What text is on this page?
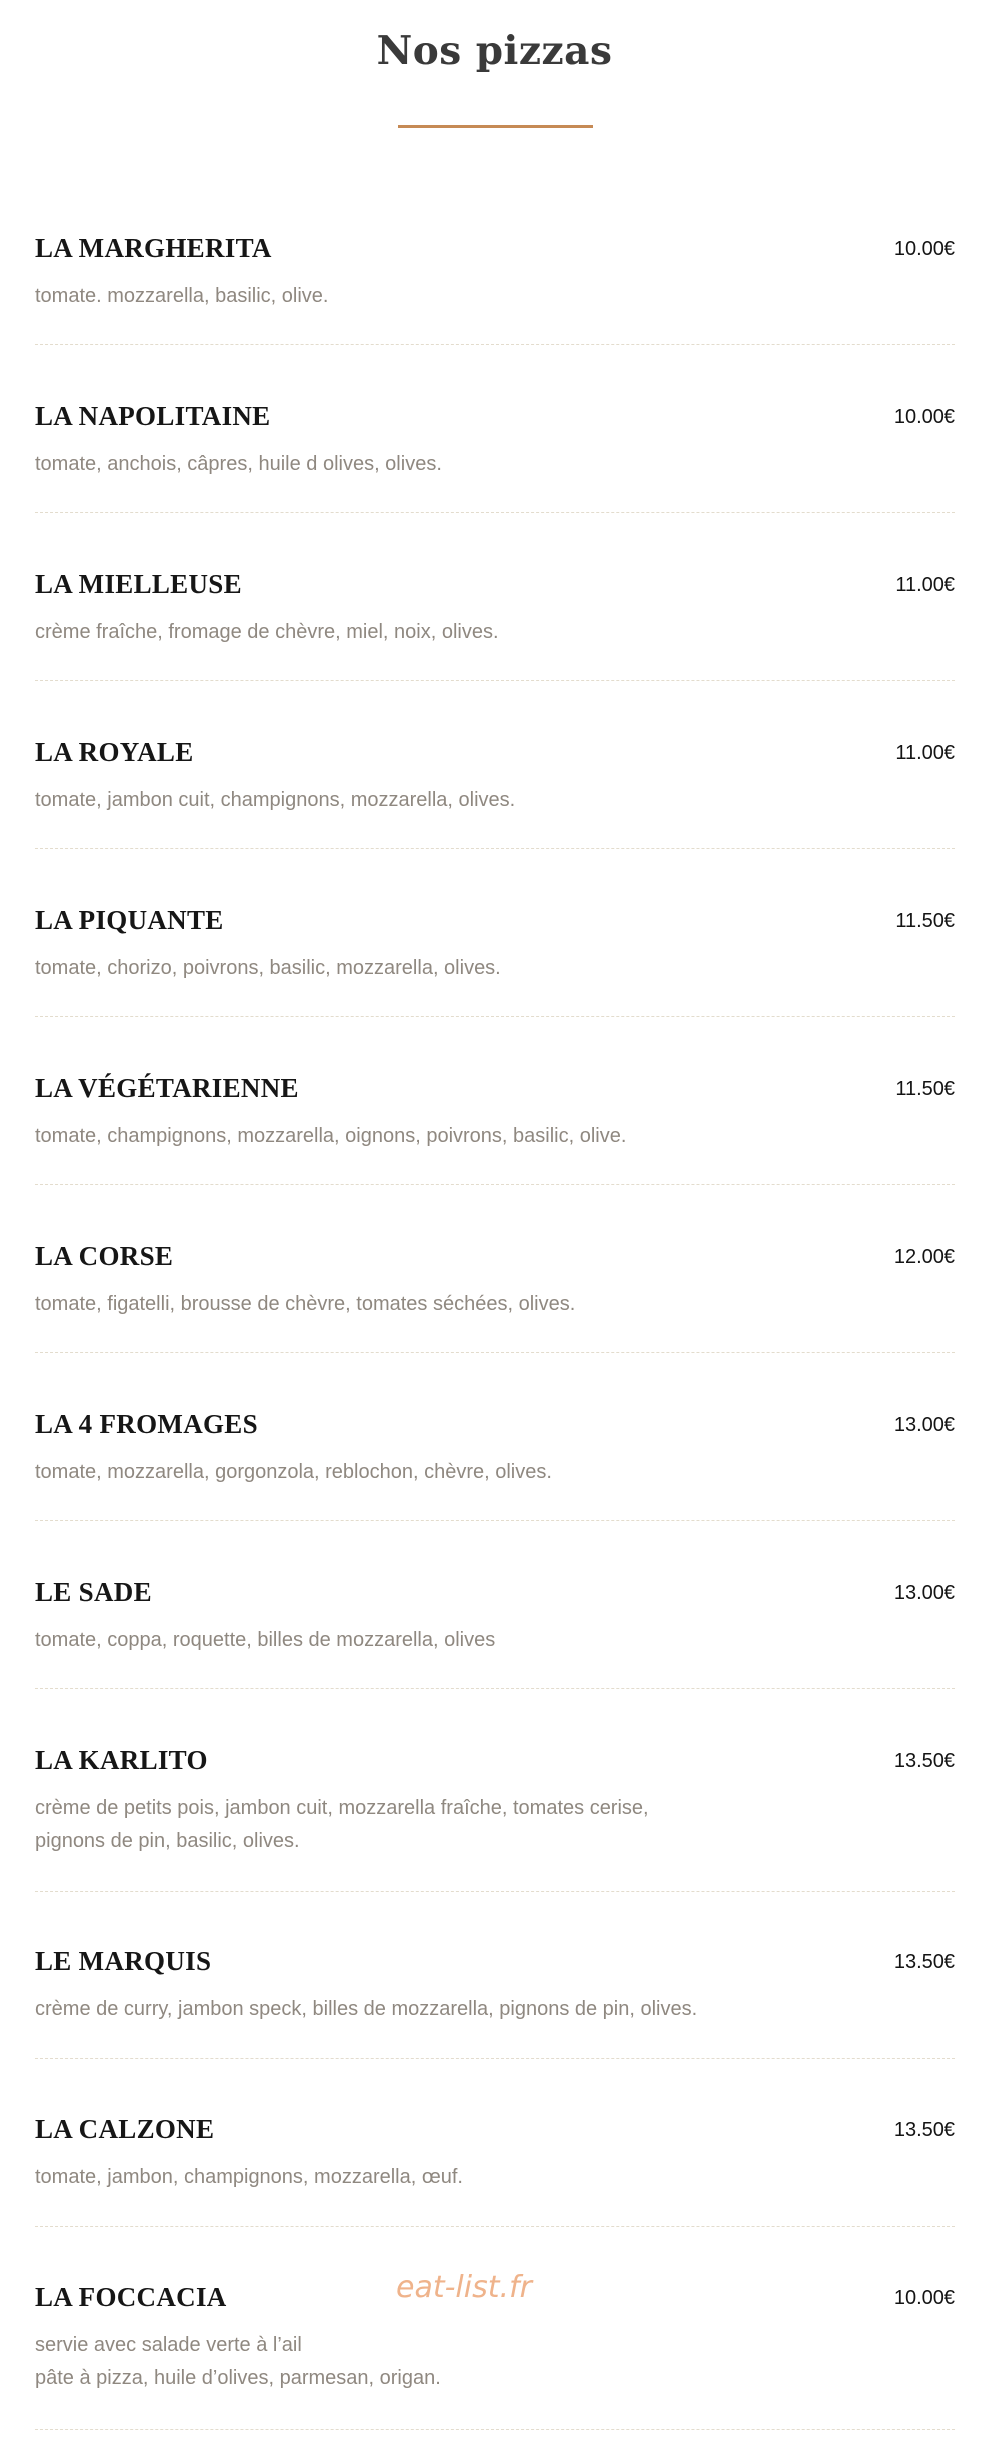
Nos pizzas
LA MARGHERITA	10.00€

tomate. mozzarella, basilic, olive.

LA NAPOLITAINE	10.00€

tomate, anchois, câpres, huile d olives, olives.

LA MIELLEUSE	11.00€

crème fraîche, fromage de chèvre, miel, noix, olives.

LA ROYALE	11.00€

tomate, jambon cuit, champignons, mozzarella, olives.

LA PIQUANTE	11.50€

tomate, chorizo, poivrons, basilic, mozzarella, olives.

LA VÉGÉTARIENNE	11.50€

tomate, champignons, mozzarella, oignons, poivrons, basilic, olive.

LA CORSE	12.00€

tomate, figatelli, brousse de chèvre, tomates séchées, olives.

LA 4 FROMAGES	13.00€

tomate, mozzarella, gorgonzola, reblochon, chèvre, olives.

LE SADE	13.00€

tomate, coppa, roquette, billes de mozzarella, olives

LA KARLITO	13.50€

crème de petits pois, jambon cuit, mozzarella fraîche, tomates cerise,
pignons de pin, basilic, olives.

LE MARQUIS	13.50€

crème de curry, jambon speck, billes de mozzarella, pignons de pin, olives.

LA CALZONE	13.50€

tomate, jambon, champignons, mozzarella, œuf.

LA FOCCACIA	10.00€

servie avec salade verte à l’ail
pâte à pizza, huile d’olives, parmesan, origan.

eat-list.fr
